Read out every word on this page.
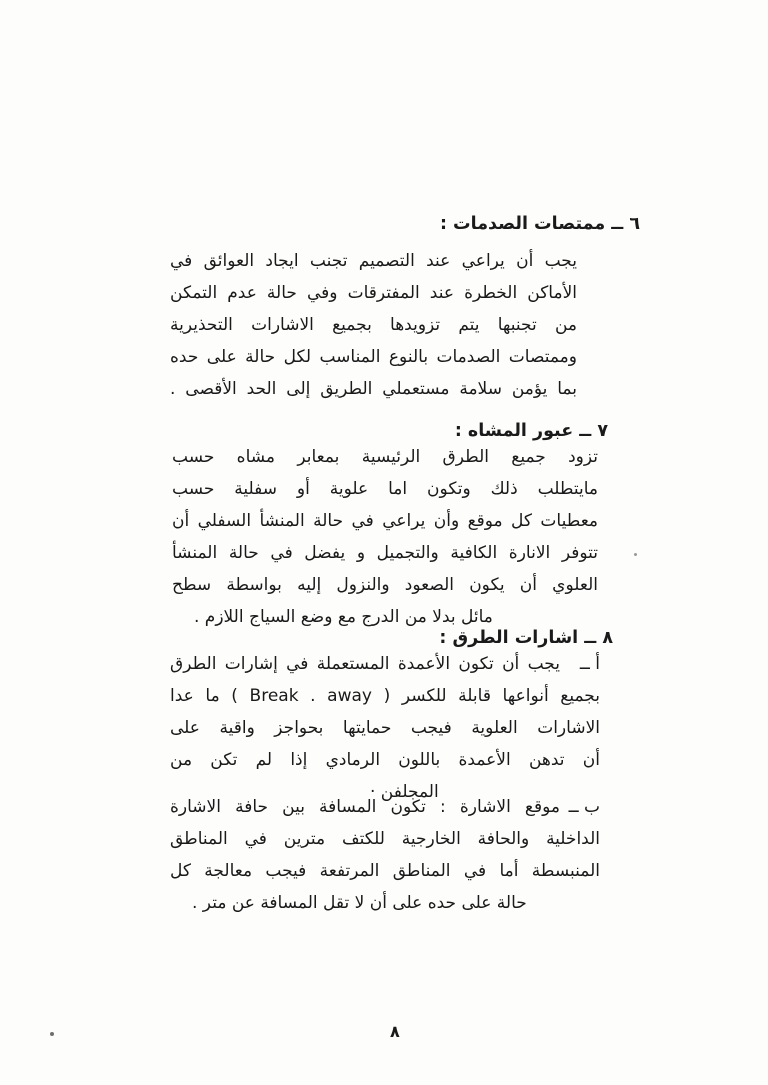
٦ ــ ممتصات الصدمات :
يجب أن يراعي عند التصميم تجنب ايجاد العوائق في
الأماكن الخطرة عند المفترقات وفي حالة عدم التمكن
من تجنبها يتم تزويدها بجميع الاشارات التحذيرية
وممتصات الصدمات بالنوع المناسب لكل حالة على حده
بما يؤمن سلامة مستعملي الطريق إلى الحد الأقصى .
٧ ــ عبور المشاه :
تزود جميع الطرق الرئيسية بمعابر مشاه حسب
مايتطلب ذلك وتكون اما علوية أو سفلية حسب
معطيات كل موقع وأن يراعي في حالة المنشأ السفلي أن
تتوفر الانارة الكافية والتجميل و يفضل في حالة المنشأ
العلوي أن يكون الصعود والنزول إليه بواسطة سطح
مائل بدلا من الدرج مع وضع السياج اللازم .
٨ ــ اشارات الطرق :
أ ــ
يجب أن تكون الأعمدة المستعملة في إشارات الطرق
بجميع أنواعها قابلة للكسر ( Break . away ) ما عدا
الاشارات العلوية فيجب حمايتها بحواجز واقية على
أن تدهن الأعمدة باللون الرمادي إذا لم تكن من
المجلفن ·
ب ــ
موقع الاشارة : تكون المسافة بين حافة الاشارة
الداخلية والحافة الخارجية للكتف مترين في المناطق
المنبسطة أما في المناطق المرتفعة فيجب معالجة كل
حالة على حده على أن لا تقل المسافة عن متر .
٨
